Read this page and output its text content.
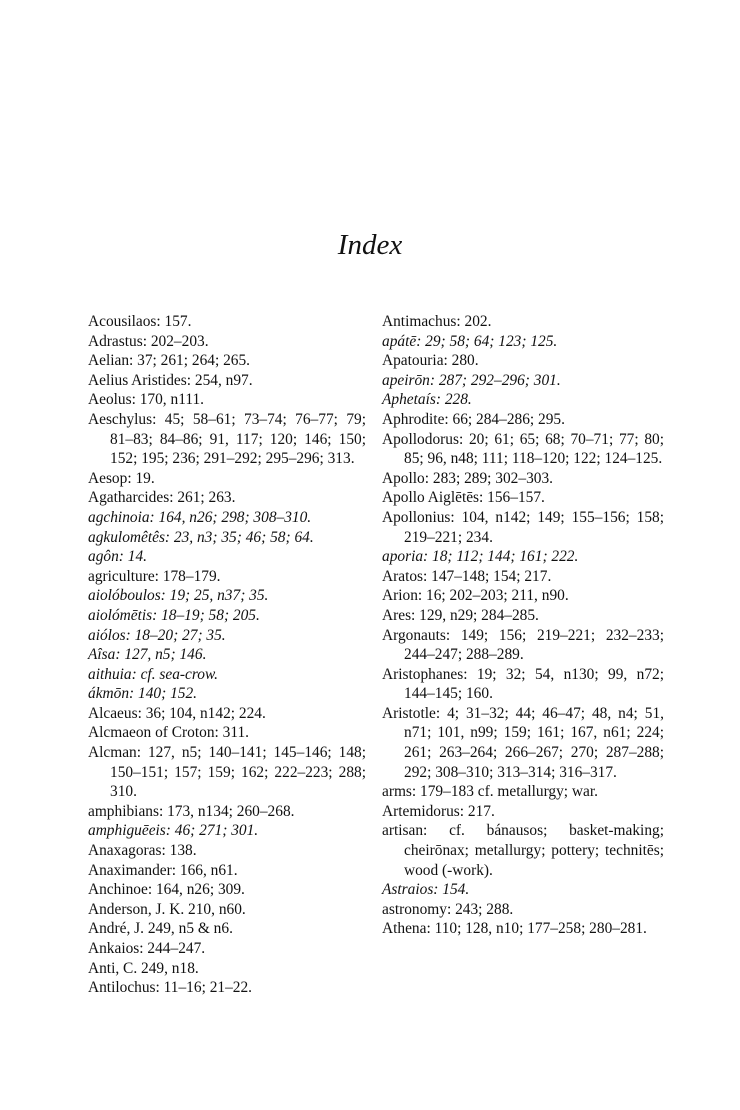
Index
Acousilaos: 157.
Adrastus: 202–203.
Aelian: 37; 261; 264; 265.
Aelius Aristides: 254, n97.
Aeolus: 170, n111.
Aeschylus: 45; 58–61; 73–74; 76–77; 79; 81–83; 84–86; 91, 117; 120; 146; 150; 152; 195; 236; 291–292; 295–296; 313.
Aesop: 19.
Agatharcides: 261; 263.
agchinoia: 164, n26; 298; 308–310.
agkulomêtês: 23, n3; 35; 46; 58; 64.
agôn: 14.
agriculture: 178–179.
aiolóboulos: 19; 25, n37; 35.
aiolómētis: 18–19; 58; 205.
aiólos: 18–20; 27; 35.
Aîsa: 127, n5; 146.
aithuia: cf. sea-crow.
ákmōn: 140; 152.
Alcaeus: 36; 104, n142; 224.
Alcmaeon of Croton: 311.
Alcman: 127, n5; 140–141; 145–146; 148; 150–151; 157; 159; 162; 222–223; 288; 310.
amphibians: 173, n134; 260–268.
amphiguēeis: 46; 271; 301.
Anaxagoras: 138.
Anaximander: 166, n61.
Anchinoe: 164, n26; 309.
Anderson, J. K. 210, n60.
André, J. 249, n5 & n6.
Ankaios: 244–247.
Anti, C. 249, n18.
Antilochus: 11–16; 21–22.
Antimachus: 202.
apátē: 29; 58; 64; 123; 125.
Apatouria: 280.
apeirōn: 287; 292–296; 301.
Aphetaís: 228.
Aphrodite: 66; 284–286; 295.
Apollodorus: 20; 61; 65; 68; 70–71; 77; 80; 85; 96, n48; 111; 118–120; 122; 124–125.
Apollo: 283; 289; 302–303.
Apollo Aiglētēs: 156–157.
Apollonius: 104, n142; 149; 155–156; 158; 219–221; 234.
aporia: 18; 112; 144; 161; 222.
Aratos: 147–148; 154; 217.
Arion: 16; 202–203; 211, n90.
Ares: 129, n29; 284–285.
Argonauts: 149; 156; 219–221; 232–233; 244–247; 288–289.
Aristophanes: 19; 32; 54, n130; 99, n72; 144–145; 160.
Aristotle: 4; 31–32; 44; 46–47; 48, n4; 51, n71; 101, n99; 159; 161; 167, n61; 224; 261; 263–264; 266–267; 270; 287–288; 292; 308–310; 313–314; 316–317.
arms: 179–183 cf. metallurgy; war.
Artemidorus: 217.
artisan: cf. bánausos; basket-making; cheirōnax; metallurgy; pottery; technitēs; wood (-work).
Astraios: 154.
astronomy: 243; 288.
Athena: 110; 128, n10; 177–258; 280–281.
